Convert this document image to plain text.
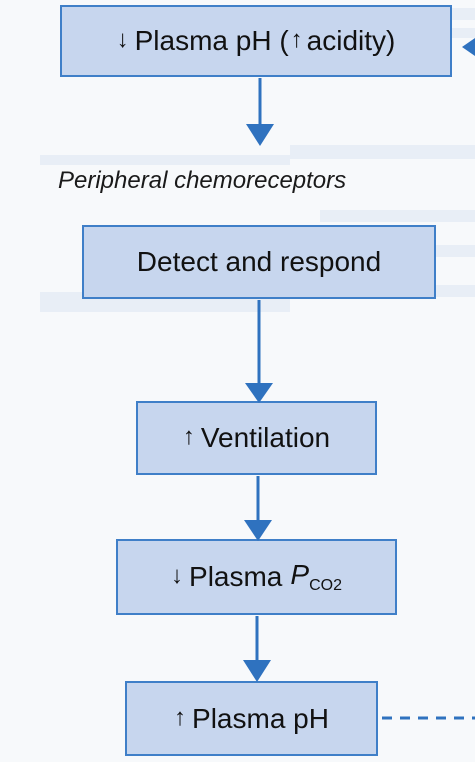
↓ Plasma pH ( ↑ acidity)
Peripheral chemoreceptors
Detect and respond
↑ Ventilation
↓ Plasma $P_{CO2}$
↑ Plasma pH
